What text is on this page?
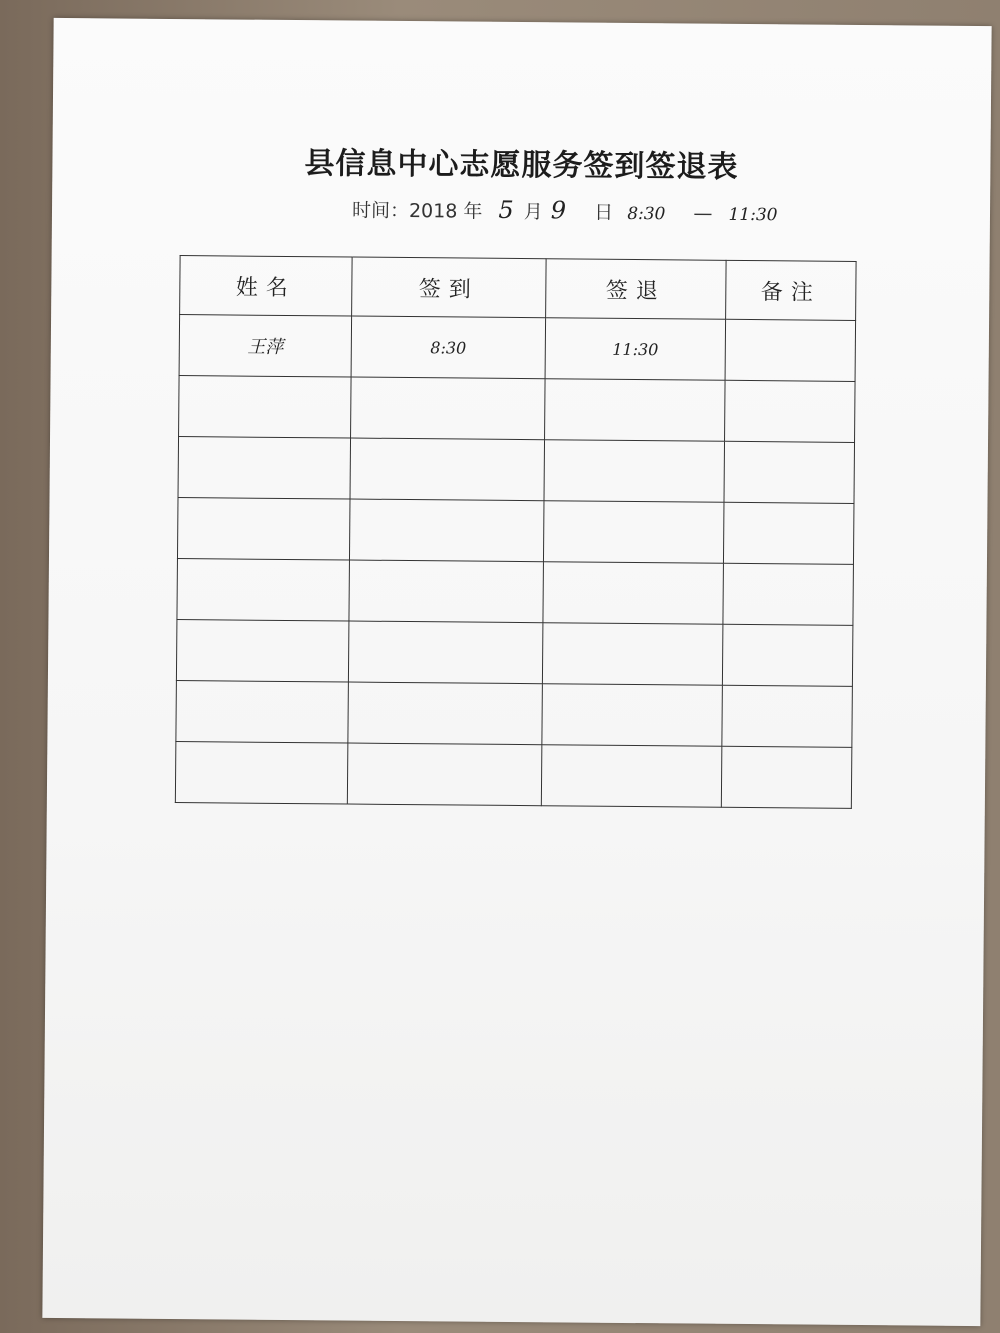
县信息中心志愿服务签到签退表
时间：2018 年 5 月 9 日 8:30 — 11:30
姓名	签到	签退	备注
王萍	8:30	11:30	
